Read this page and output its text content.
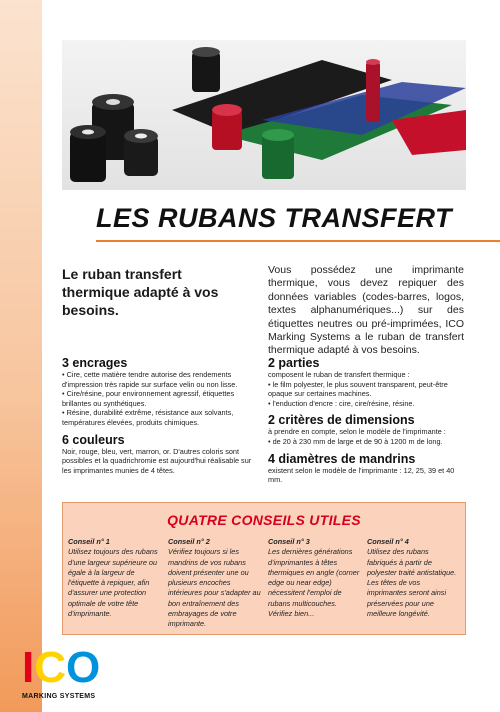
LES RUBANS TRANSFERT
Le ruban transfert thermique adapté à vos besoins.
Vous possédez une imprimante thermique, vous devez repiquer des données variables (codes-barres, logos, textes alphanumériques...) sur des étiquettes neutres ou pré-imprimées, ICO Marking Systems a le ruban de transfert thermique adapté à vos besoins.
3 encrages

• Cire, cette matière tendre autorise des rendements d'impression très rapide sur surface velin ou non lisse.

• Cire/résine, pour environnement agressif, étiquettes brillantes ou synthétiques.

• Résine, durabilité extrême, résistance aux solvants, températures élevées, produits chimiques.

6 couleurs

Noir, rouge, bleu, vert, marron, or. D'autres coloris sont possibles et la quadrichromie est aujourd'hui réalisable sur les imprimantes munies de 4 têtes.

2 parties

composent le ruban de transfert thermique :

• le film polyester, le plus souvent transparent, peut-être opaque sur certaines machines.

• l'enduction d'encre : cire, cire/résine, résine.

2 critères de dimensions

à prendre en compte, selon le modèle de l'imprimante :

• de 20 à 230 mm de large et de 90 à 1200 m de long.

4 diamètres de mandrins

existent selon le modèle de l'imprimante : 12, 25, 39 et 40 mm.

QUATRE CONSEILS UTILES
Conseil n° 1
Utilisez toujours des rubans d'une largeur supérieure ou égale à la largeur de l'étiquette à repiquer, afin d'assurer une protection optimale de votre tête d'imprimante.
Conseil n° 2
Vérifiez toujours si les mandrins de vos rubans doivent présenter une ou plusieurs encoches intérieures pour s'adapter au bon entraînement des embrayages de votre imprimante.
Conseil n° 3
Les dernières générations d'imprimantes à têtes thermiques en angle (corner edge ou near edge) nécessitent l'emploi de rubans multicouches. Vérifiez bien...
Conseil n° 4
Utilisez des rubans fabriqués à partir de polyester traité antistatique. Les têtes de vos imprimantes seront ainsi préservées pour une meilleure longévité.
I C O
MARKING SYSTEMS
